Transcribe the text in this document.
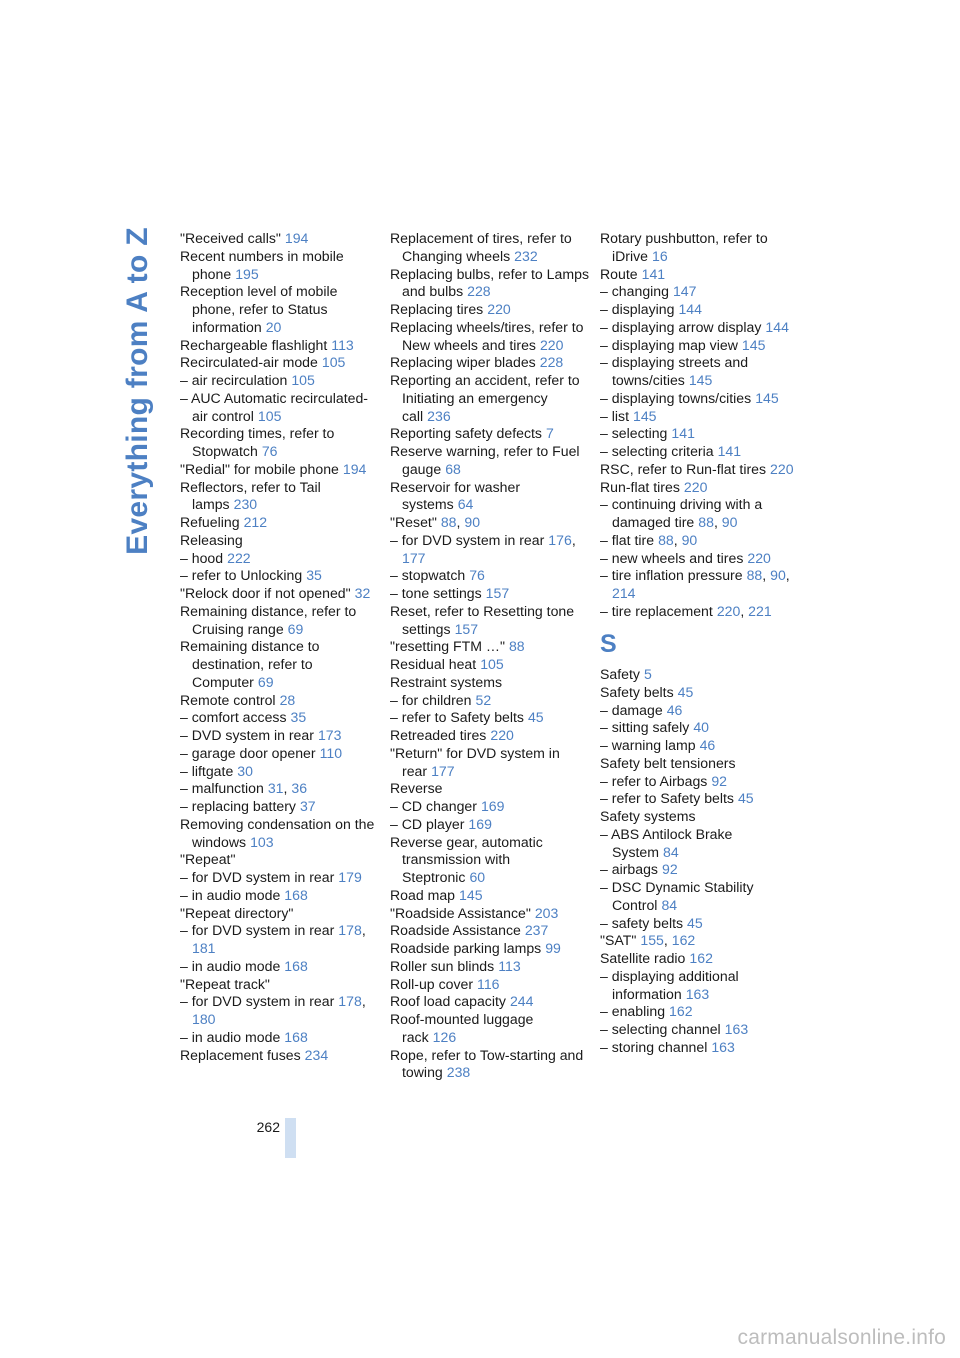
Everything from A to Z "Received calls" 194
Recent numbers in mobile phone 195
Reception level of mobile phone, refer to Status information 20
Rechargeable flashlight 113
Recirculated-air mode 105
– air recirculation 105
– AUC Automatic recirculated-air control 105
Recording times, refer to Stopwatch 76
"Redial" for mobile phone 194
Reflectors, refer to Tail lamps 230
Refueling 212
Releasing
– hood 222
– refer to Unlocking 35
"Relock door if not opened" 32
Remaining distance, refer to Cruising range 69
Remaining distance to destination, refer to Computer 69
Remote control 28
– comfort access 35
– DVD system in rear 173
– garage door opener 110
– liftgate 30
– malfunction 31, 36
– replacing battery 37
Removing condensation on the windows 103
"Repeat"
– for DVD system in rear 179
– in audio mode 168
"Repeat directory"
– for DVD system in rear 178, 181
– in audio mode 168
"Repeat track"
– for DVD system in rear 178, 180
– in audio mode 168
Replacement fuses 234
Replacement of tires, refer to Changing wheels 232
Replacing bulbs, refer to Lamps and bulbs 228
Replacing tires 220
Replacing wheels/tires, refer to New wheels and tires 220
Replacing wiper blades 228
Reporting an accident, refer to Initiating an emergency call 236
Reporting safety defects 7
Reserve warning, refer to Fuel gauge 68
Reservoir for washer systems 64
"Reset" 88, 90
– for DVD system in rear 176, 177
– stopwatch 76
– tone settings 157
Reset, refer to Resetting tone settings 157
"resetting FTM …" 88
Residual heat 105
Restraint systems
– for children 52
– refer to Safety belts 45
Retreaded tires 220
"Return" for DVD system in rear 177
Reverse
– CD changer 169
– CD player 169
Reverse gear, automatic transmission with Steptronic 60
Road map 145
"Roadside Assistance" 203
Roadside Assistance 237
Roadside parking lamps 99
Roller sun blinds 113
Roll-up cover 116
Roof load capacity 244
Roof-mounted luggage rack 126
Rope, refer to Tow-starting and towing 238
Rotary pushbutton, refer to iDrive 16
Route 141
– changing 147
– displaying 144
– displaying arrow display 144
– displaying map view 145
– displaying streets and towns/cities 145
– displaying towns/cities 145
– list 145
– selecting 141
– selecting criteria 141
RSC, refer to Run-flat tires 220
Run-flat tires 220
– continuing driving with a damaged tire 88, 90
– flat tire 88, 90
– new wheels and tires 220
– tire inflation pressure 88, 90, 214
– tire replacement 220, 221
S
Safety 5
Safety belts 45
– damage 46
– sitting safely 40
– warning lamp 46
Safety belt tensioners
– refer to Airbags 92
– refer to Safety belts 45
Safety systems
– ABS Antilock Brake System 84
– airbags 92
– DSC Dynamic Stability Control 84
– safety belts 45
"SAT" 155, 162
Satellite radio 162
– displaying additional information 163
– enabling 162
– selecting channel 163
– storing channel 163
262
carmanualsonline.info
